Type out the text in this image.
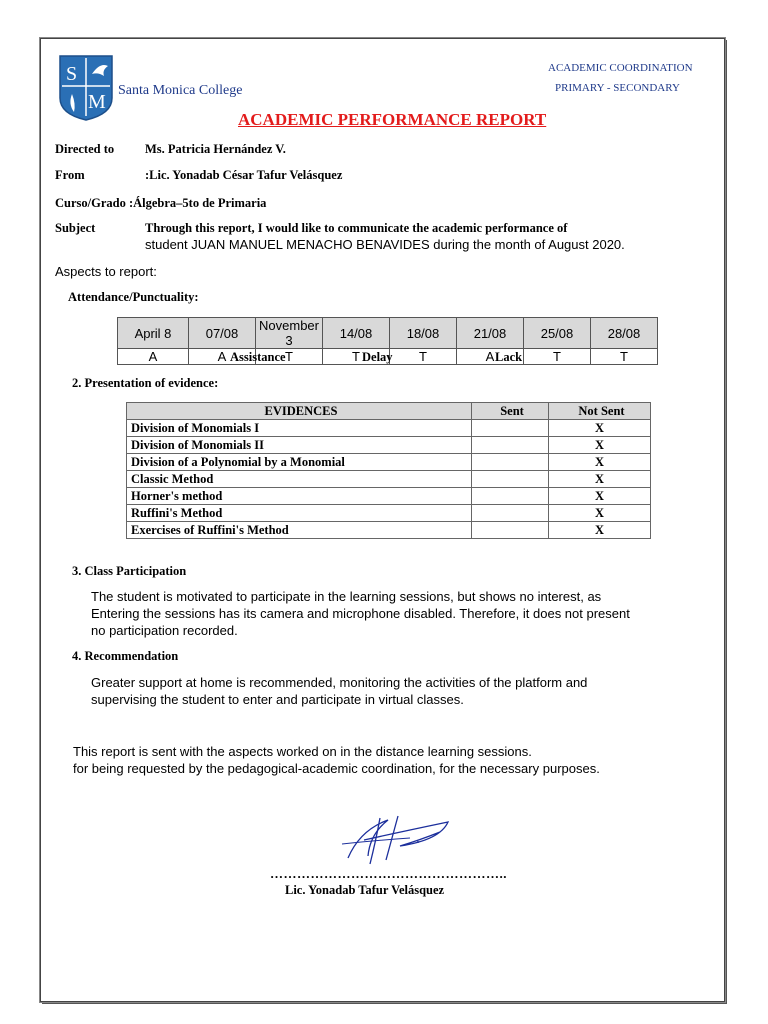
S
M
Santa Monica College
ACADEMIC COORDINATION
PRIMARY - SECONDARY
ACADEMIC PERFORMANCE REPORT
Directed to Ms. Patricia Hernández V.
From	:Lic. Yonadab César Tafur Velásquez
Curso/Grado :Álgebra–5to de Primaria
Subject	Through this report, I would like to communicate the academic performance of
student JUAN MANUEL MENACHO BENAVIDES during the month of August 2020.
Aspects to report:
Attendance/Punctuality:
April 8	07/08	November 3	14/08	18/08	21/08	25/08	28/08
A	A	T	T	T	A	T	T
Assistance	Delay	Lack
2. Presentation of evidence:
EVIDENCES	Sent	Not Sent
Division of Monomials I		X
Division of Monomials II		X
Division of a Polynomial by a Monomial		X
Classic Method		X
Horner's method		X
Ruffini's Method		X
Exercises of Ruffini's Method		X
3. Class Participation
The student is motivated to participate in the learning sessions, but shows no interest, as
Entering the sessions has its camera and microphone disabled. Therefore, it does not present
no participation recorded.
4. Recommendation
Greater support at home is recommended, monitoring the activities of the platform and
supervising the student to enter and participate in virtual classes.
This report is sent with the aspects worked on in the distance learning sessions.
for being requested by the pedagogical-academic coordination, for the necessary purposes.
……………………………………………..
Lic. Yonadab Tafur Velásquez
